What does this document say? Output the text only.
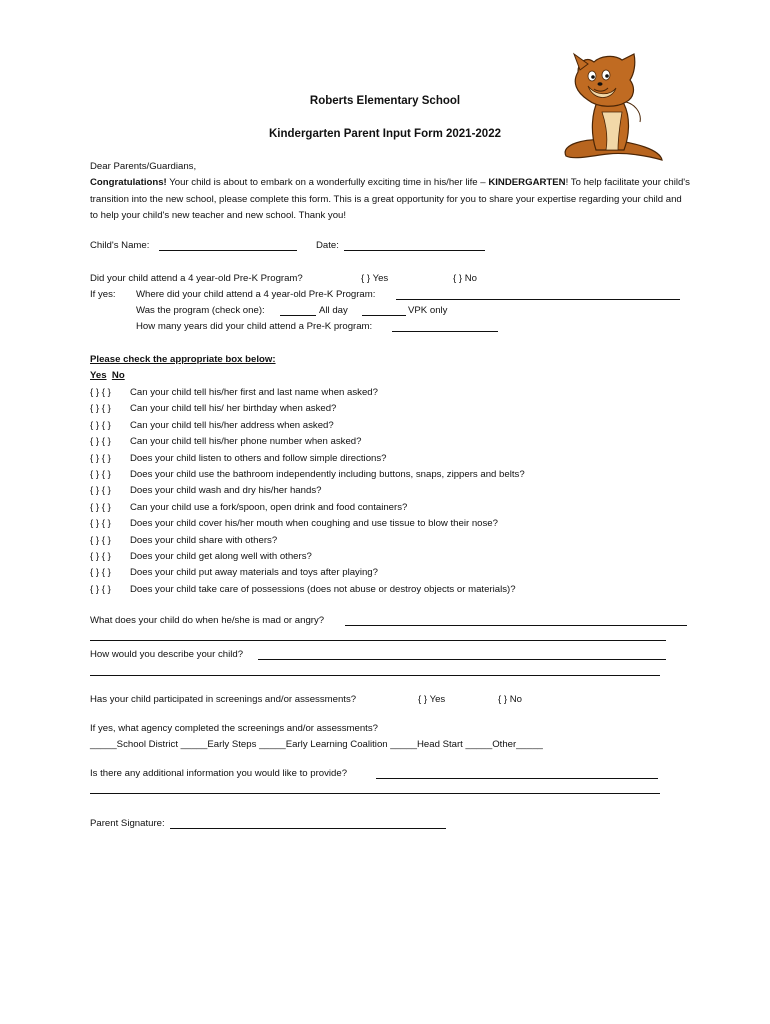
Roberts Elementary School
Kindergarten Parent Input Form 2021-2022
Dear Parents/Guardians,
Congratulations! Your child is about to embark on a wonderfully exciting time in his/her life – KINDERGARTEN! To help facilitate your child's transition into the new school, please complete this form. This is a great opportunity for you to share your expertise regarding your child and to help your child's new teacher and new school. Thank you!
Child's Name:	Date:
Did your child attend a 4 year-old Pre-K Program?	{ } Yes	{ } No
If yes: Where did your child attend a 4 year-old Pre-K Program:
Was the program (check one):	All day	VPK only
How many years did your child attend a Pre-K program:
Please check the appropriate box below:
Yes No
{ } { } Can your child tell his/her first and last name when asked?
{ } { } Can your child tell his/ her birthday when asked?
{ } { } Can your child tell his/her address when asked?
{ } { } Can your child tell his/her phone number when asked?
{ } { } Does your child listen to others and follow simple directions?
{ } { } Does your child use the bathroom independently including buttons, snaps, zippers and belts?
{ } { } Does your child wash and dry his/her hands?
{ } { } Can your child use a fork/spoon, open drink and food containers?
{ } { } Does your child cover his/her mouth when coughing and use tissue to blow their nose?
{ } { } Does your child share with others?
{ } { } Does your child get along well with others?
{ } { } Does your child put away materials and toys after playing?
{ } { } Does your child take care of possessions (does not abuse or destroy objects or materials)?
What does your child do when he/she is mad or angry?
How would you describe your child?
Has your child participated in screenings and/or assessments?	{ } Yes	{ } No
If yes, what agency completed the screenings and/or assessments?
_____School District _____Early Steps _____Early Learning Coalition _____Head Start _____Other_____
Is there any additional information you would like to provide?
Parent Signature:
